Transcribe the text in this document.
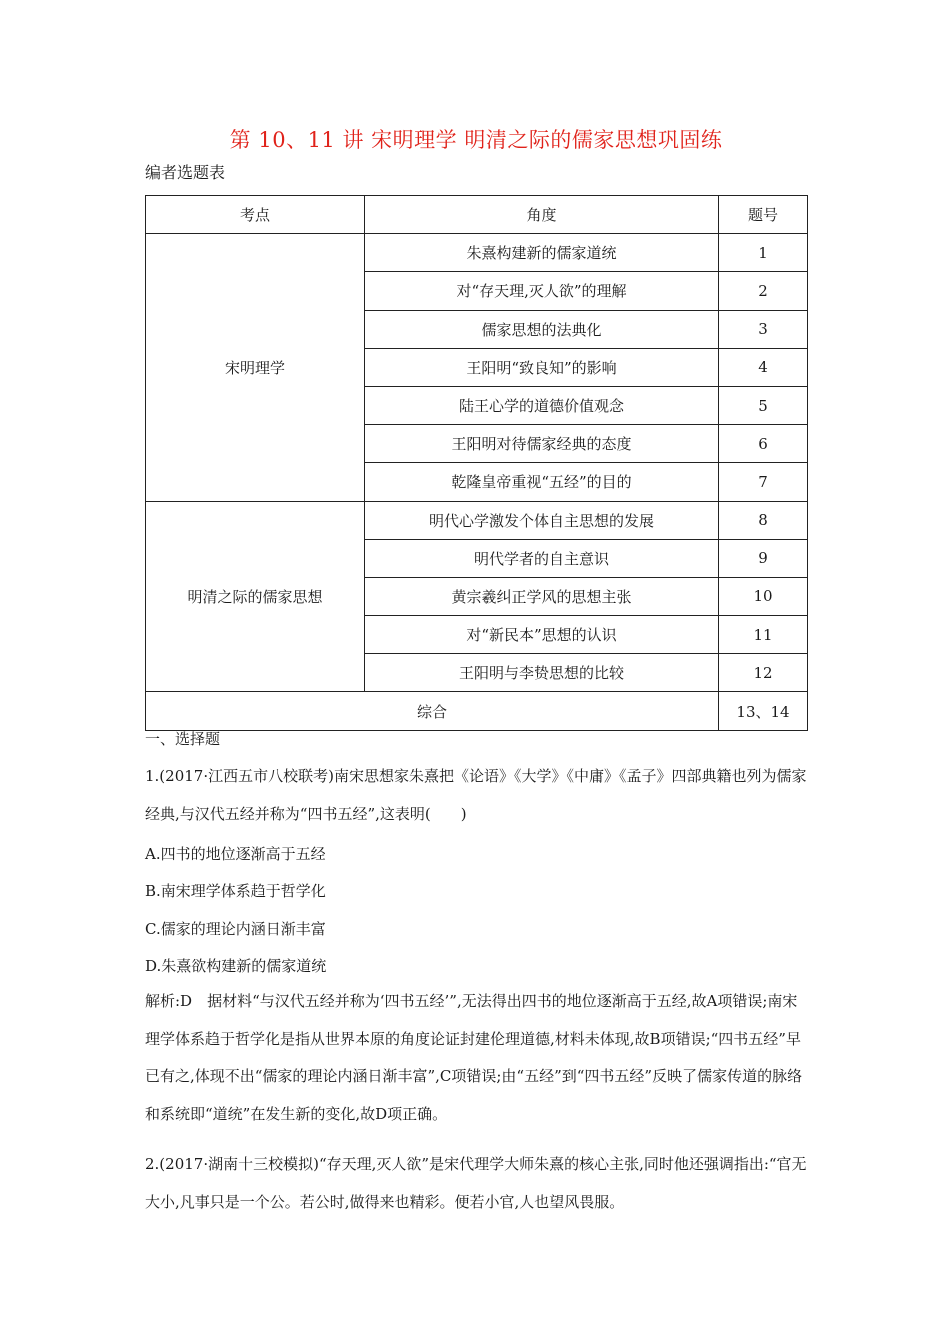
第 10、11 讲 宋明理学 明清之际的儒家思想巩固练
编者选题表
考点	角度	题号
宋明理学	朱熹构建新的儒家道统	1
	对“存天理,灭人欲”的理解	2
	儒家思想的法典化	3
	王阳明“致良知”的影响	4
	陆王心学的道德价值观念	5
	王阳明对待儒家经典的态度	6
	乾隆皇帝重视“五经”的目的	7
明清之际的儒家思想	明代心学激发个体自主思想的发展	8
	明代学者的自主意识	9
	黄宗羲纠正学风的思想主张	10
	对“新民本”思想的认识	11
	王阳明与李贽思想的比较	12
综合		13、14
一、选择题
1.(2017·江西五市八校联考)南宋思想家朱熹把《论语》《大学》《中庸》《孟子》四部典籍也列为儒家经典,与汉代五经并称为“四书五经”,这表明(　　)
A.四书的地位逐渐高于五经
B.南宋理学体系趋于哲学化
C.儒家的理论内涵日渐丰富
D.朱熹欲构建新的儒家道统
解析:D　据材料“与汉代五经并称为‘四书五经’”,无法得出四书的地位逐渐高于五经,故A项错误;南宋理学体系趋于哲学化是指从世界本原的角度论证封建伦理道德,材料未体现,故B项错误;“四书五经”早已有之,体现不出“儒家的理论内涵日渐丰富”,C项错误;由“五经”到“四书五经”反映了儒家传道的脉络和系统即“道统”在发生新的变化,故D项正确。
2.(2017·湖南十三校模拟)“存天理,灭人欲”是宋代理学大师朱熹的核心主张,同时他还强调指出:“官无大小,凡事只是一个公。若公时,做得来也精彩。便若小官,人也望风畏服。
